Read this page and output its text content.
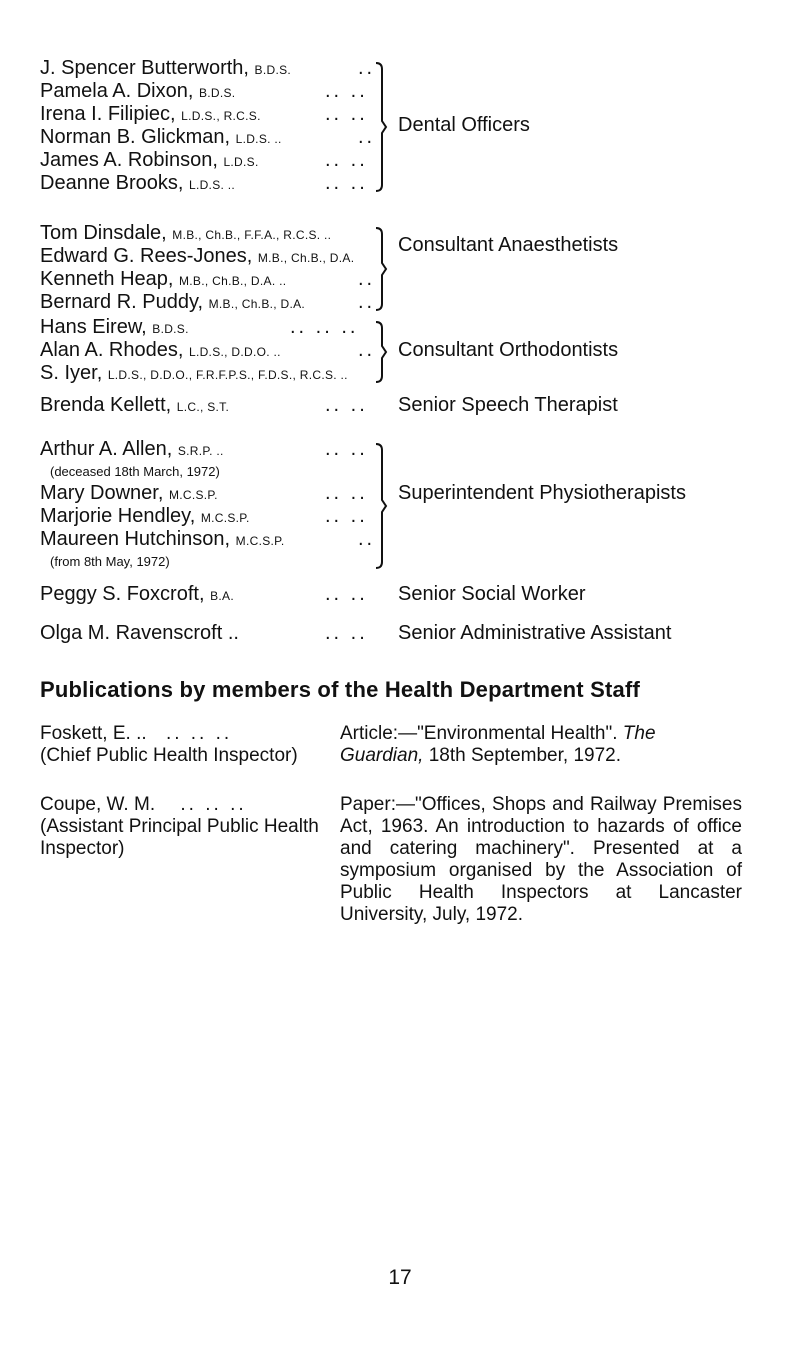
J. Spencer Butterworth, B.D.S.	..
Pamela A. Dixon, B.D.S.	.. ..
Irena I. Filipiec, L.D.S., R.C.S.	.. ..
Norman B. Glickman, L.D.S. ..	..
James A. Robinson, L.D.S.	.. ..
Deanne Brooks, L.D.S. ..	.. ..
Dental Officers
Tom Dinsdale, M.B., Ch.B., F.F.A., R.C.S. ..
Edward G. Rees-Jones, M.B., Ch.B., D.A.
Kenneth Heap, M.B., Ch.B., D.A. ..	..
Bernard R. Puddy, M.B., Ch.B., D.A.	..
Consultant Anaesthetists
Hans Eirew, B.D.S.	.. .. ..
Alan A. Rhodes, L.D.S., D.D.O. ..	..
S. Iyer, L.D.S., D.D.O., F.R.F.P.S., F.D.S., R.C.S. ..
Consultant Orthodontists
Brenda Kellett, L.C., S.T.	.. .. Senior Speech Therapist
Arthur A. Allen, S.R.P. ..	.. ..
(deceased 18th March, 1972)
Mary Downer, M.C.S.P.	.. ..
Marjorie Hendley, M.C.S.P.	.. ..
Maureen Hutchinson, M.C.S.P.	..
(from 8th May, 1972)
Superintendent Physiotherapists
Peggy S. Foxcroft, B.A.	.. .. Senior Social Worker
Olga M. Ravenscroft ..	.. .. Senior Administrative Assistant
Publications by members of the Health Department Staff
Foskett, E. .. .. .. ..
(Chief Public Health Inspector)
Article:—"Environmental Health". The Guardian, 18th September, 1972.
Coupe, W. M. .. .. ..
(Assistant Principal Public Health Inspector)
Paper:—"Offices, Shops and Railway Premises Act, 1963. An introduction to hazards of office and catering machinery". Presented at a symposium organised by the Association of Public Health Inspectors at Lancaster University, July, 1972.
17
